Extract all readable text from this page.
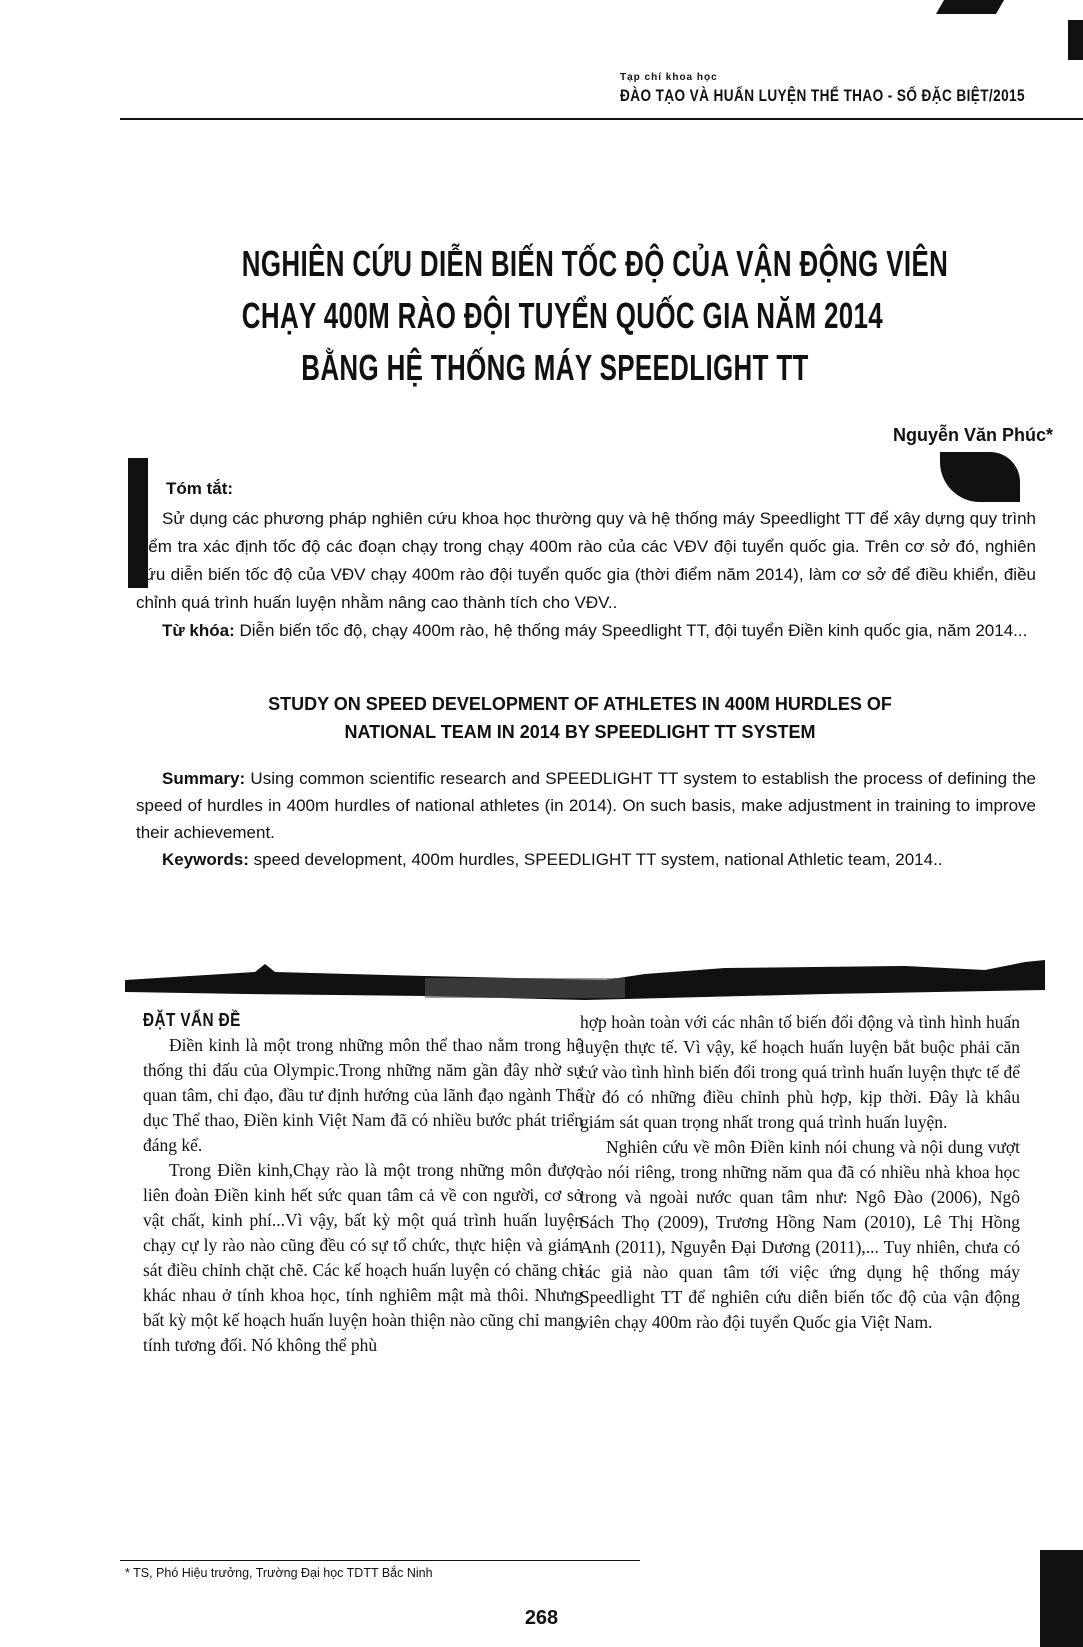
Tạp chí khoa học
ĐÀO TẠO VÀ HUẤN LUYỆN THỂ THAO - SỐ ĐẶC BIỆT/2015
NGHIÊN CỨU DIỄN BIẾN TỐC ĐỘ CỦA VẬN ĐỘNG VIÊN
CHẠY 400M RÀO ĐỘI TUYỂN QUỐC GIA NĂM 2014
BẰNG HỆ THỐNG MÁY SPEEDLIGHT TT
Nguyễn Văn Phúc*

Tóm tắt:

Sử dụng các phương pháp nghiên cứu khoa học thường quy và hệ thống máy Speedlight TT để xây dựng quy trình kiểm tra xác định tốc độ các đoạn chạy trong chạy 400m rào của các VĐV đội tuyển quốc gia. Trên cơ sở đó, nghiên cứu diễn biến tốc độ của VĐV chạy 400m rào đội tuyển quốc gia (thời điểm năm 2014), làm cơ sở để điều khiển, điều chỉnh quá trình huấn luyện nhằm nâng cao thành tích cho VĐV..

Từ khóa: Diễn biến tốc độ, chạy 400m rào, hệ thống máy Speedlight TT, đội tuyển Điền kinh quốc gia, năm 2014...

STUDY ON SPEED DEVELOPMENT OF ATHLETES IN 400M HURDLES OF
NATIONAL TEAM IN 2014 BY SPEEDLIGHT TT SYSTEM

Summary: Using common scientific research and SPEEDLIGHT TT system to establish the process of defining the speed of hurdles in 400m hurdles of national athletes (in 2014). On such basis, make adjustment in training to improve their achievement.

Keywords: speed development, 400m hurdles, SPEEDLIGHT TT system, national Athletic team, 2014..

ĐẶT VẤN ĐỀ

Điền kinh là một trong những môn thể thao nằm trong hệ thống thi đấu của Olympic.Trong những năm gần đây nhờ sự quan tâm, chỉ đạo, đầu tư định hướng của lãnh đạo ngành Thể dục Thể thao, Điền kinh Việt Nam đã có nhiều bước phát triển đáng kể.

Trong Điền kinh,Chạy rào là một trong những môn được liên đoàn Điền kinh hết sức quan tâm cả về con người, cơ sở vật chất, kinh phí...Vì vậy, bất kỳ một quá trình huấn luyện chạy cự ly rào nào cũng đều có sự tổ chức, thực hiện và giám sát điều chỉnh chặt chẽ. Các kế hoạch huấn luyện có chăng chỉ khác nhau ở tính khoa học, tính nghiêm mật mà thôi. Nhưng bất kỳ một kế hoạch huấn luyện hoàn thiện nào cũng chỉ mang tính tương đối. Nó không thể phù

hợp hoàn toàn với các nhân tố biến đổi động và tình hình huấn luyện thực tế. Vì vậy, kế hoạch huấn luyện bắt buộc phải căn cứ vào tình hình biến đổi trong quá trình huấn luyện thực tế để từ đó có những điều chỉnh phù hợp, kịp thời. Đây là khâu giám sát quan trọng nhất trong quá trình huấn luyện.

Nghiên cứu về môn Điền kinh nói chung và nội dung vượt rào nói riêng, trong những năm qua đã có nhiều nhà khoa học trong và ngoài nước quan tâm như: Ngô Đào (2006), Ngô Sách Thọ (2009), Trương Hồng Nam (2010), Lê Thị Hồng Anh (2011), Nguyễn Đại Dương (2011),... Tuy nhiên, chưa có tác giả nào quan tâm tới việc ứng dụng hệ thống máy Speedlight TT để nghiên cứu diễn biến tốc độ của vận động viên chạy 400m rào đội tuyển Quốc gia Việt Nam.

* TS, Phó Hiệu trưởng, Trường Đại học TDTT Bắc Ninh
268
